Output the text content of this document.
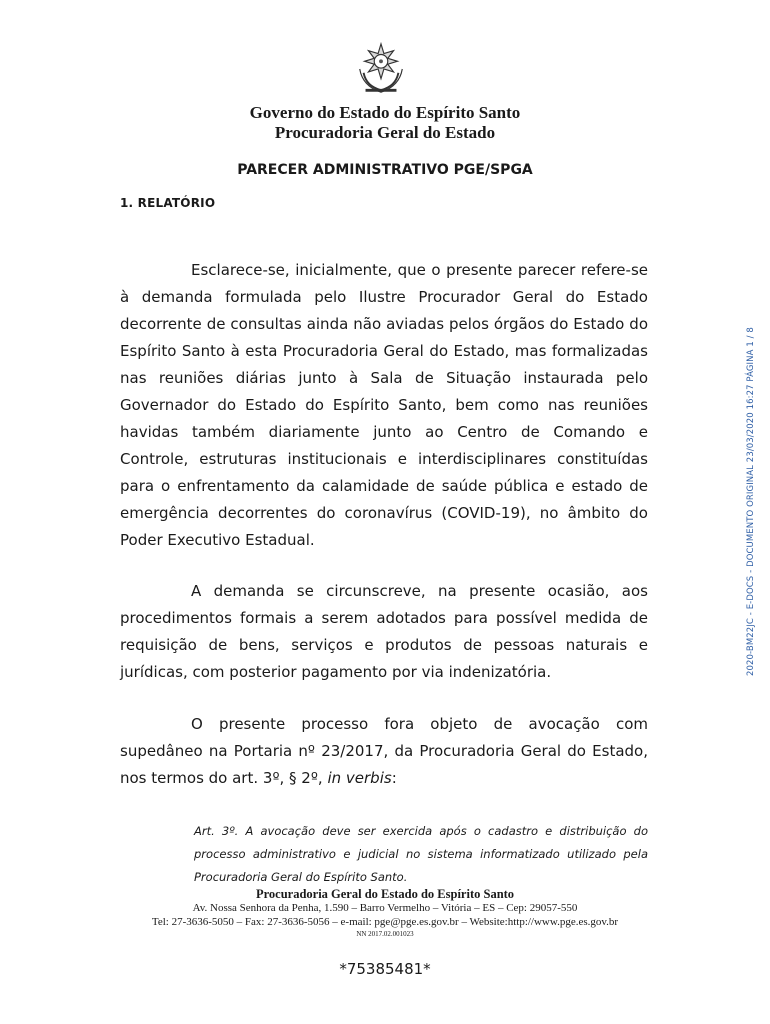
Governo do Estado do Espírito Santo
Procuradoria Geral do Estado
PARECER ADMINISTRATIVO PGE/SPGA
1. RELATÓRIO
Esclarece-se, inicialmente, que o presente parecer refere-se à demanda formulada pelo Ilustre Procurador Geral do Estado decorrente de consultas ainda não aviadas pelos órgãos do Estado do Espírito Santo à esta Procuradoria Geral do Estado, mas formalizadas nas reuniões diárias junto à Sala de Situação instaurada pelo Governador do Estado do Espírito Santo, bem como nas reuniões havidas também diariamente junto ao Centro de Comando e Controle, estruturas institucionais e interdisciplinares constituídas para o enfrentamento da calamidade de saúde pública e estado de emergência decorrentes do coronavírus (COVID-19), no âmbito do Poder Executivo Estadual.
A demanda se circunscreve, na presente ocasião, aos procedimentos formais a serem adotados para possível medida de requisição de bens, serviços e produtos de pessoas naturais e jurídicas, com posterior pagamento por via indenizatória.
O presente processo fora objeto de avocação com supedâneo na Portaria nº 23/2017, da Procuradoria Geral do Estado, nos termos do art. 3º, § 2º, in verbis:
Art. 3º. A avocação deve ser exercida após o cadastro e distribuição do processo administrativo e judicial no sistema informatizado utilizado pela Procuradoria Geral do Espírito Santo.
2020-BM22JC - E-DOCS - DOCUMENTO ORIGINAL 23/03/2020 16:27 PÁGINA 1 / 8
Procuradoria Geral do Estado do Espírito Santo
Av. Nossa Senhora da Penha, 1.590 – Barro Vermelho – Vitória – ES – Cep: 29057-550
Tel: 27-3636-5050 – Fax: 27-3636-5056 – e-mail: pge@pge.es.gov.br – Website:http://www.pge.es.gov.br
NN 2017.02.001023
*75385481*
